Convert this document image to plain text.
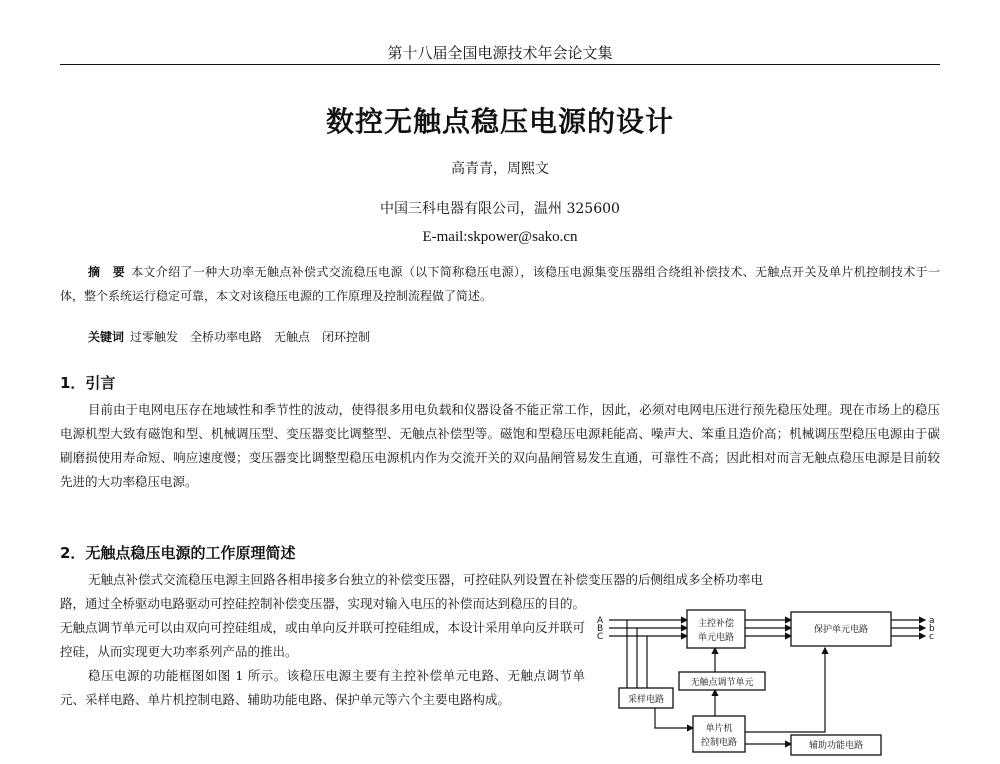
第十八届全国电源技术年会论文集
数控无触点稳压电源的设计
高青青，周熙文
中国三科电器有限公司，温州 325600
E-mail:skpower@sako.cn
摘　要 本文介绍了一种大功率无触点补偿式交流稳压电源（以下简称稳压电源），该稳压电源集变压器组合绕组补偿技术、无触点开关及单片机控制技术于一体，整个系统运行稳定可靠，本文对该稳压电源的工作原理及控制流程做了简述。
关键词 过零触发　全桥功率电路　无触点　闭环控制
1．引言
目前由于电网电压存在地域性和季节性的波动，使得很多用电负载和仪器设备不能正常工作，因此，必须对电网电压进行预先稳压处理。现在市场上的稳压电源机型大致有磁饱和型、机械调压型、变压器变比调整型、无触点补偿型等。磁饱和型稳压电源耗能高、噪声大、笨重且造价高；机械调压型稳压电源由于碳刷磨损使用寿命短、响应速度慢；变压器变比调整型稳压电源机内作为交流开关的双向晶闸管易发生直通，可靠性不高；因此相对而言无触点稳压电源是目前较先进的大功率稳压电源。
2．无触点稳压电源的工作原理简述
无触点补偿式交流稳压电源主回路各相串接多台独立的补偿变压器，可控硅队列设置在补偿变压器的后侧组成多全桥功率电
路，通过全桥驱动电路驱动可控硅控制补偿变压器，实现对输入电压的补偿而达到稳压的目的。无触点调节单元可以由双向可控硅组成，或由单向反并联可控硅组成，本设计采用单向反并联可控硅，从而实现更大功率系列产品的推出。
稳压电源的功能框图如图 1 所示。该稳压电源主要有主控补偿单元电路、无触点调节单元、采样电路、单片机控制电路、辅助功能电路、保护单元等六个主要电路构成。
A
B
C
a
b
c
主控补偿
单元电路
保护单元电路
无触点调节单元
采样电路
单片机
控制电路	辅助功能电路
